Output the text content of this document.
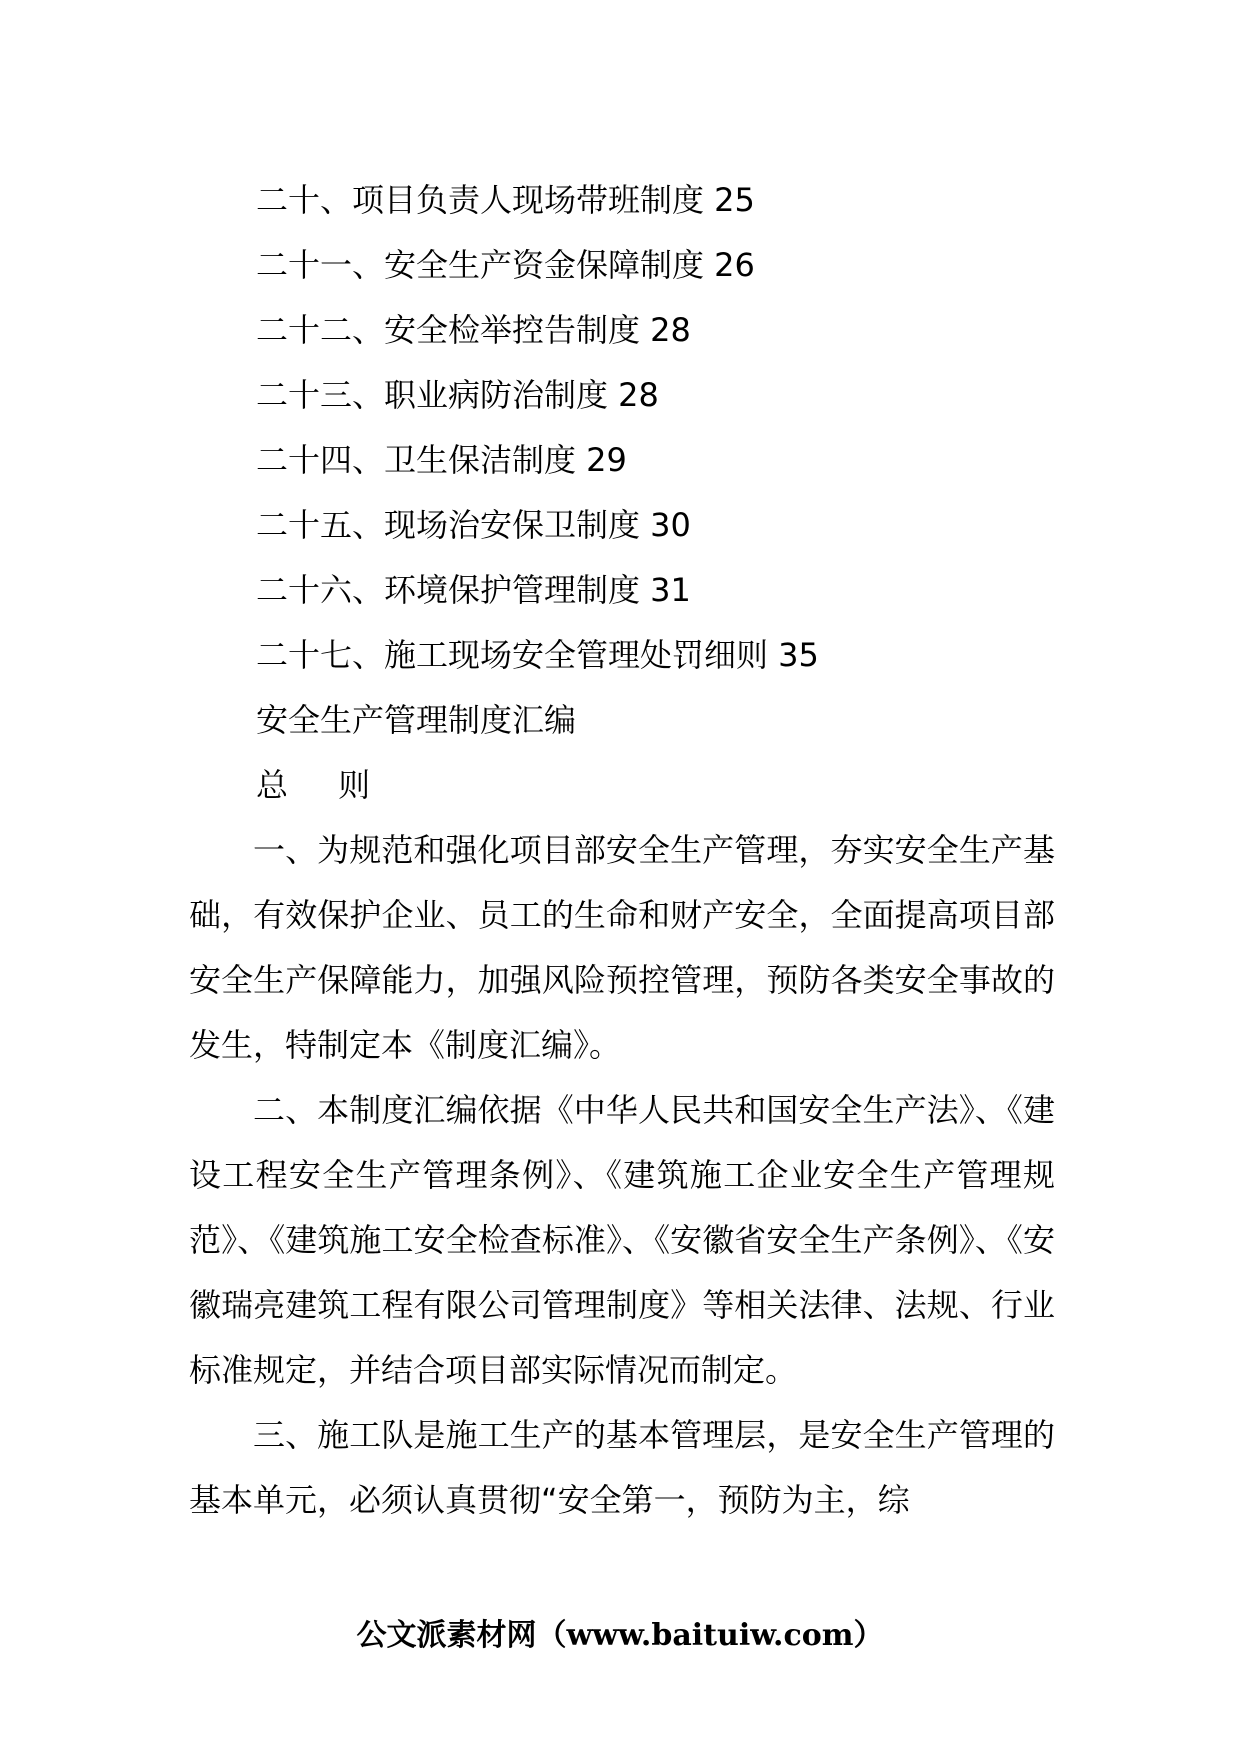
二十、项目负责人现场带班制度 25
二十一、安全生产资金保障制度 26
二十二、安全检举控告制度 28
二十三、职业病防治制度 28
二十四、卫生保洁制度 29
二十五、现场治安保卫制度 30
二十六、环境保护管理制度 31
二十七、施工现场安全管理处罚细则 35
安全生产管理制度汇编
总 则

一、为规范和强化项目部安全生产管理，夯实安全生产基础，有效保护企业、员工的生命和财产安全，全面提高项目部安全生产保障能力，加强风险预控管理，预防各类安全事故的发生，特制定本《制度汇编》。

二、本制度汇编依据《中华人民共和国安全生产法》、《建设工程安全生产管理条例》、《建筑施工企业安全生产管理规范》、《建筑施工安全检查标准》、《安徽省安全生产条例》、《安徽瑞亮建筑工程有限公司管理制度》等相关法律、法规、行业标准规定，并结合项目部实际情况而制定。

三、施工队是施工生产的基本管理层，是安全生产管理的基本单元，必须认真贯彻“安全第一，预防为主，综

公文派素材网（www.baituiw.com）
